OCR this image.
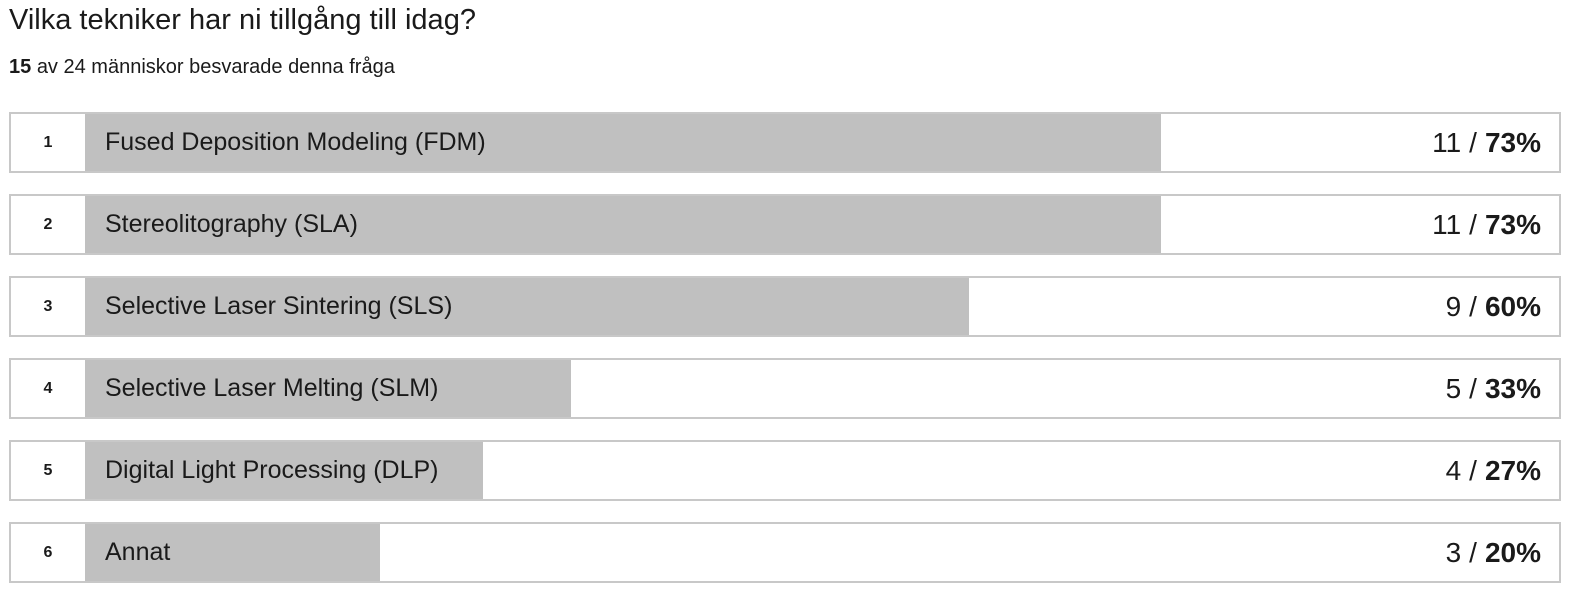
Vilka tekniker har ni tillgång till idag?
15 av 24 människor besvarade denna fråga
1	Fused Deposition Modeling (FDM)	11 / 73%
2	Stereolitography (SLA)	11 / 73%
3	Selective Laser Sintering (SLS)	9 / 60%
4	Selective Laser Melting (SLM)	5 / 33%
5	Digital Light Processing (DLP)	4 / 27%
6	Annat	3 / 20%
